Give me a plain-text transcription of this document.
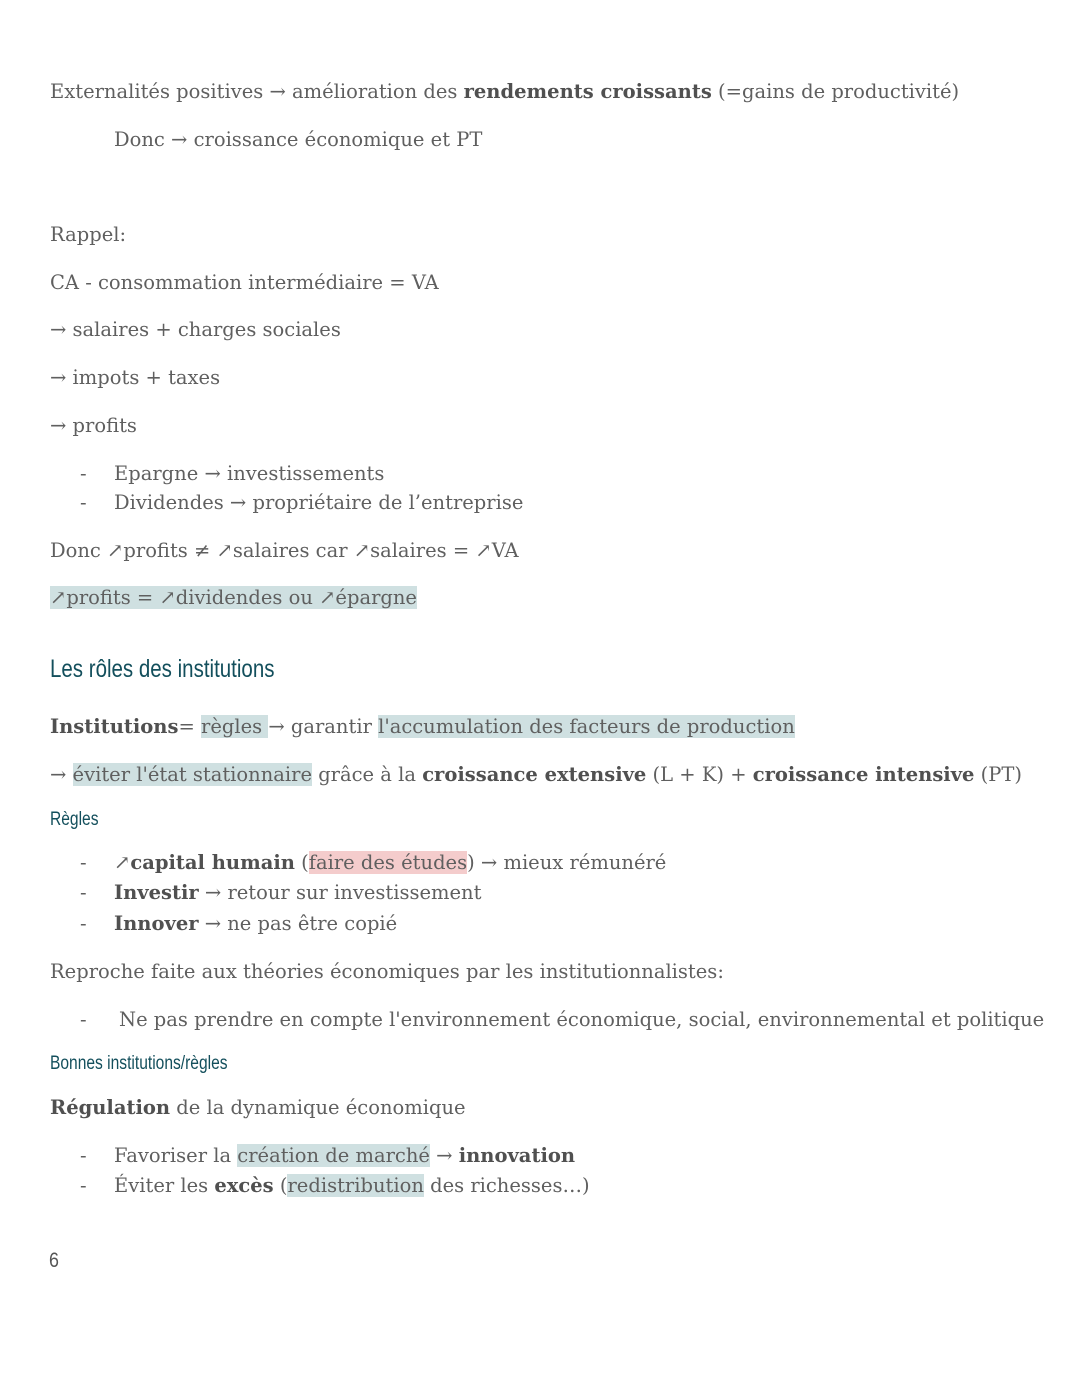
Externalités positives → amélioration des rendements croissants (=gains de productivité)
Donc → croissance économique et PT
Rappel:
CA - consommation intermédiaire = VA
→ salaires + charges sociales
→ impots + taxes
→ profits
- Epargne → investissements
- Dividendes → propriétaire de l’entreprise
Donc ↗profits ≠ ↗salaires car ↗salaires = ↗VA
↗profits = ↗dividendes ou ↗épargne
Les rôles des institutions
Institutions= règles → garantir l'accumulation des facteurs de production
→ éviter l'état stationnaire grâce à la croissance extensive (L + K) + croissance intensive (PT)
Règles
- ↗capital humain (faire des études) → mieux rémunéré
- Investir → retour sur investissement
- Innover → ne pas être copié
Reproche faite aux théories économiques par les institutionnalistes:
- Ne pas prendre en compte l'environnement économique, social, environnemental et politique
Bonnes institutions/règles
Régulation de la dynamique économique
- Favoriser la création de marché → innovation
- Éviter les excès (redistribution des richesses…)
6
